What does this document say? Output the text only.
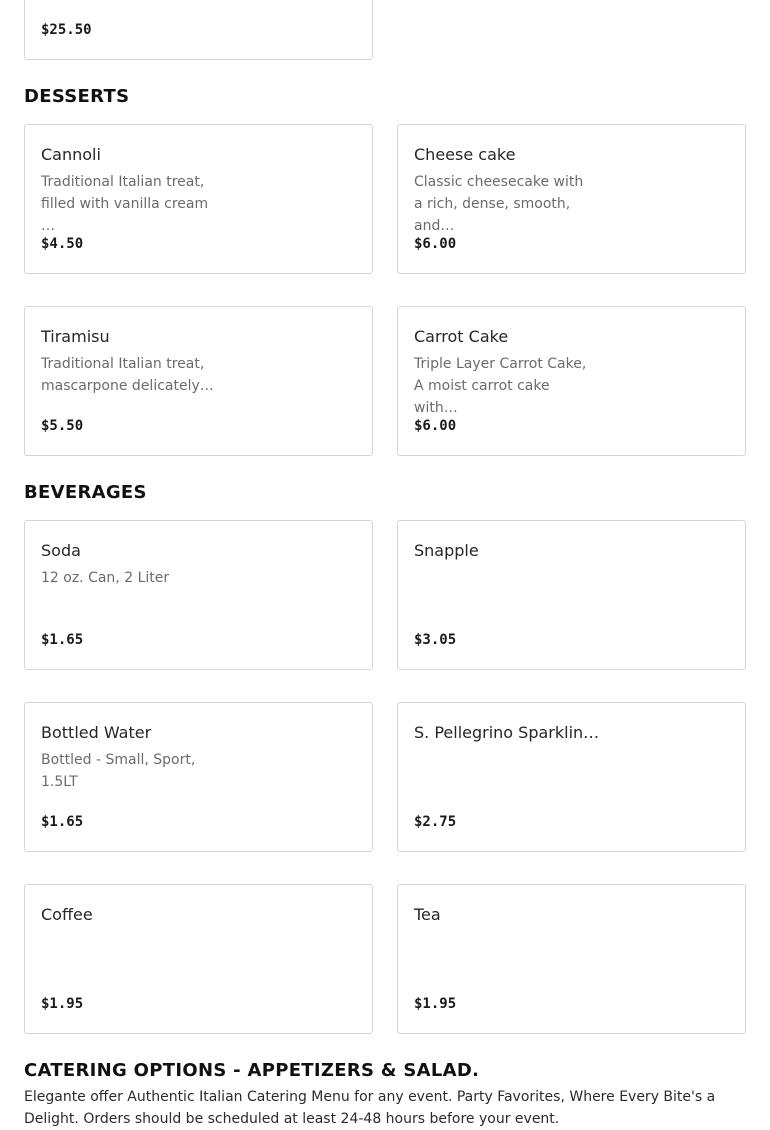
$25.50
DESSERTS
Cannoli
Traditional Italian treat, filled with vanilla cream …
$4.50
Cheese cake
Classic cheesecake with a rich, dense, smooth, and…
$6.00
Tiramisu
Traditional Italian treat, mascarpone delicately…
$5.50
Carrot Cake
Triple Layer Carrot Cake, A moist carrot cake with…
$6.00
BEVERAGES
Soda
12 oz. Can, 2 Liter
$1.65
Snapple
$3.05
Bottled Water
Bottled - Small, Sport, 1.5LT
$1.65
S. Pellegrino Sparklin…
$2.75
Coffee
$1.95
Tea
$1.95
CATERING OPTIONS - APPETIZERS & SALAD.

Elegante offer Authentic Italian Catering Menu for any event. Party Favorites, Where Every Bite's a Delight. Orders should be scheduled at least 24-48 hours before your event.
